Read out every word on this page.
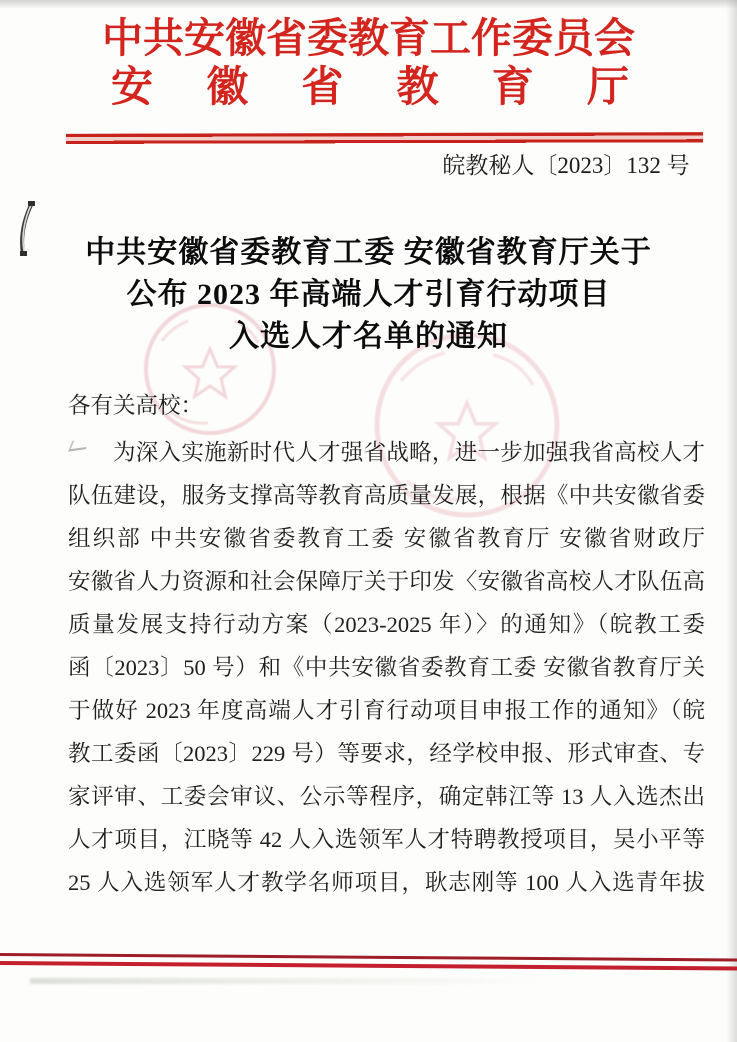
中共安徽省委教育工作委员会
安徽省教育厅
皖教秘人〔2023〕132 号
中共安徽省委教育工委 安徽省教育厅关于
公布 2023 年高端人才引育行动项目
入选人才名单的通知
各有关高校：
为深入实施新时代人才强省战略，进一步加强我省高校人才
队伍建设，服务支撑高等教育高质量发展，根据《中共安徽省委
组织部 中共安徽省委教育工委 安徽省教育厅 安徽省财政厅
安徽省人力资源和社会保障厅关于印发〈安徽省高校人才队伍高
质量发展支持行动方案（2023-2025 年）〉的通知》（皖教工委
函〔2023〕50 号）和《中共安徽省委教育工委 安徽省教育厅关
于做好 2023 年度高端人才引育行动项目申报工作的通知》（皖
教工委函〔2023〕229 号）等要求，经学校申报、形式审查、专
家评审、工委会审议、公示等程序，确定韩江等 13 人入选杰出
人才项目，江晓等 42 人入选领军人才特聘教授项目，吴小平等
25 人入选领军人才教学名师项目，耿志刚等 100 人入选青年拔
